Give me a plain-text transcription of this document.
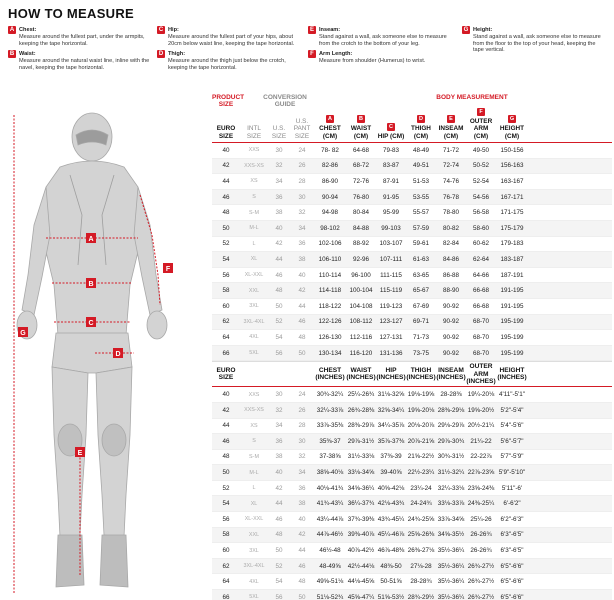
HOW TO MEASURE
A Chest:
Measure around the fullest part, under the armpits, keeping the tape horizontal.
B Waist:
Measure around the natural waist line, inline with the navel, keeping the tape horizontal.
C Hip:
Measure around the fullest part of your hips, about 20cm below waist line, keeping the tape horizontal.
D Thigh:
Measure around the thigh just below the crotch, keeping the tape horizontal.
E Inseam:
Stand against a wall, ask someone else to measure from the crotch to the bottom of your leg.
F Arm Length:
Measure from shoulder (Humerus) to wrist.
G Height:
Stand against a wall, ask someone else to measure from the floor to the top of your head, keeping the tape vertical.
A
B
C
D
E
F
G
PRODUCT SIZE
CONVERSION GUIDE
BODY MEASUREMENT
EURO SIZE
INTL SIZE
U.S. SIZE
U.S. PANT SIZE
A
CHEST (CM)
B
WAIST (CM)
C
HIP (CM)
D
THIGH (CM)
E
INSEAM (CM)
F
OUTER ARM (CM)
G
HEIGHT (CM)
40	XXS	30	24	78- 82	64-68	79-83	48-49	71-72	49-50	150-156
42	XXS-XS	32	26	82-86	68-72	83-87	49-51	72-74	50-52	156-163
44	XS	34	28	86-90	72-76	87-91	51-53	74-76	52-54	163-167
46	S	36	30	90-94	76-80	91-95	53-55	76-78	54-56	167-171
48	S-M	38	32	94-98	80-84	95-99	55-57	78-80	56-58	171-175
50	M-L	40	34	98-102	84-88	99-103	57-59	80-82	58-60	175-179
52	L	42	36	102-106	88-92	103-107	59-61	82-84	60-62	179-183
54	XL	44	38	106-110	92-96	107-111	61-63	84-86	62-64	183-187
56	XL-XXL	46	40	110-114	96-100	111-115	63-65	86-88	64-66	187-191
58	XXL	48	42	114-118	100-104	115-119	65-67	88-90	66-68	191-195
60	3XL	50	44	118-122	104-108	119-123	67-69	90-92	66-68	191-195
62	3XL-4XL	52	46	122-126	108-112	123-127	69-71	90-92	68-70	195-199
64	4XL	54	48	126-130	112-116	127-131	71-73	90-92	68-70	195-199
66	5XL	56	50	130-134	116-120	131-136	73-75	90-92	68-70	195-199
EURO SIZE
CHEST (INCHES)
WAIST (INCHES)
HIP (INCHES)
THIGH (INCHES)
INSEAM (INCHES)
OUTER ARM (INCHES)
HEIGHT (INCHES)
40	XXS	30	24	30¾-32¼ 25¼-26¾ 31⅛-32⅝ 19⅛-19⅝ 28-28⅜ 19¼-20⅛ 4'11"-5'1"
42	XXS-XS	32	26	32¼-33⅞ 26¾-28⅜ 32⅝-34¼ 19⅝-20⅛ 28⅜-29⅛ 19⅝-20½ 5'2"-5'4"
44	XS	34	28	33⅞-35⅜ 28⅜-29⅞ 34¼-35⅞ 20⅛-20⅞ 29⅛-29⅞ 20½-21¼ 5'4"-5'6"
46	S	36	30	35⅜-37	29⅞-31½ 35⅞-37⅜ 20⅞-21⅝ 29⅞-30¾ 21¼-22	5'6"-5'7"
48	S-M	38	32	37-38⅝	31½-33⅛ 37⅜-39 21⅝-22½ 30¾-31½ 22-22⅞	5'7"-5'9"
50	M-L	40	34	38⅝-40⅛ 33⅛-34⅝ 39-40⅝ 22½-23¼ 31½-32¼ 22⅞-23⅝ 5'9"-5'10"
52	L	42	36	40⅛-41¾ 34⅝-36¼ 40⅝-42⅛ 23¼-24 32¼-33⅛ 23⅝-24⅜	5'11"-6'
54	XL	44	38	41¾-43¼ 36¼-37¾ 42⅛-43¾ 24-24¾ 33⅛-33⅞ 24⅜-25¼	6'-6'2"
56	XL-XXL	46	40	43¼-44⅞ 37¾-39⅜ 43¾-45¼ 24¾-25⅝ 33⅞-34⅝ 25¼-26	6'2"-6'3"
58	XXL	48	42	44⅞-46½ 39⅜-40⅞ 45¼-46⅞ 25⅝-26⅜ 34⅝-35½ 26-26¾	6'3"-6'5"
60	3XL	50	44	46½-48	40⅞-42½ 46⅞-48⅜ 26⅜-27⅛ 35½-36¼ 26-26¾	6'3"-6'5"
62	3XL-4XL	52	46	48-49⅝	42½-44⅛ 48⅜-50	27⅛-28 35½-36¼ 26¾-27½ 6'5"-6'6"
64	4XL	54	48	49⅝-51⅛ 44⅛-45⅝ 50-51⅝	28-28¾ 35½-36¼ 26¾-27½ 6'5"-6'6"
66	5XL	56	50	51⅛-52¾ 45⅝-47¼ 51⅝-53½ 28¾-29½ 35½-36¼ 26¾-27½ 6'5"-6'6"
